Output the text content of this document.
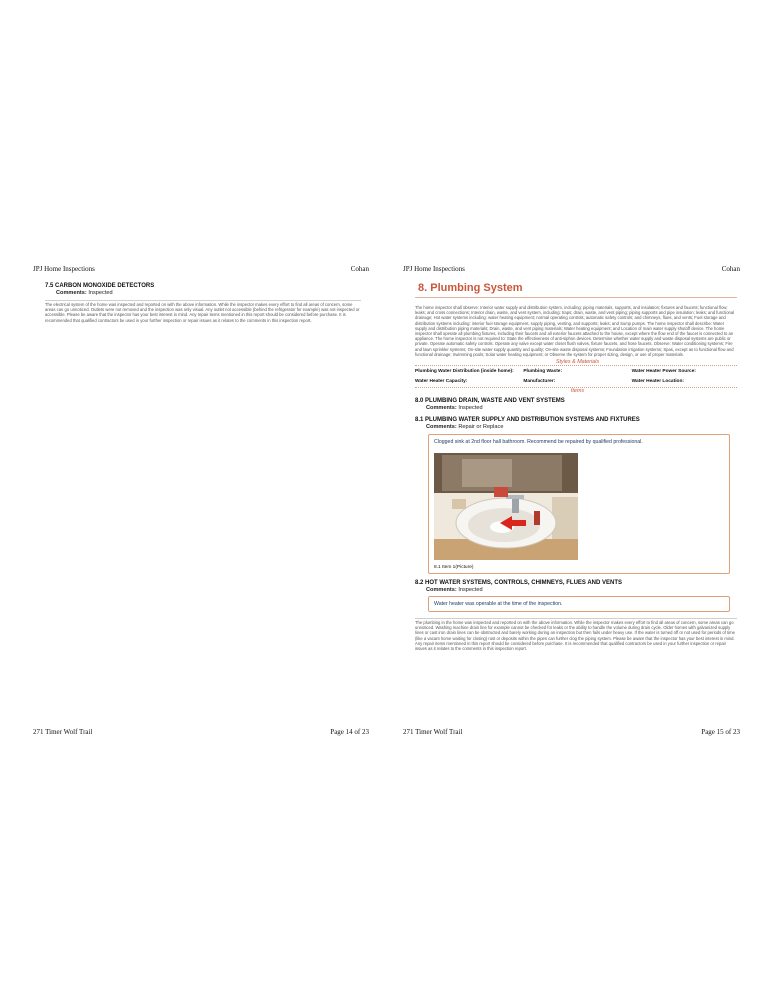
JPJ Home Inspections	Cohan
7.5 CARBON MONOXIDE DETECTORS
Comments: Inspected
The electrical system of the home was inspected and reported on with the above information. While the inspector makes every effort to find all areas of concern, some areas can go unnoticed. Outlets were not removed and the inspection was only visual. Any outlet not accessible (behind the refrigerator for example) was not inspected or accessible. Please be aware that the inspector has your best interest in mind. Any repair items mentioned in this report should be considered before purchase. It is recommended that qualified contractors be used in your further inspection or repair issues as it relates to the comments in this inspection report.
271 Timer Wolf Trail	Page 14 of 23
JPJ Home Inspections	Cohan
8. Plumbing System
The home inspector shall observe: Interior water supply and distribution system, including: piping materials, supports, and insulation; fixtures and faucets; functional flow; leaks; and cross connections; Interior drain, waste, and vent system, including: traps; drain, waste, and vent piping; piping supports and pipe insulation; leaks; and functional drainage; Hot water systems including: water heating equipment; normal operating controls; automatic safety controls; and chimneys, flues, and vents; Fuel storage and distribution systems including: interior fuel storage equipment, supply piping, venting, and supports; leaks; and Sump pumps. The home inspector shall describe: Water supply and distribution piping materials; Drain, waste, and vent piping materials; Water heating equipment; and Location of main water supply shutoff device. The home inspector shall operate all plumbing fixtures, including their faucets and all exterior faucets attached to the house, except where the flow end of the faucet is connected to an appliance. The home inspector is not required to: State the effectiveness of anti-siphon devices. Determine whether water supply and waste disposal systems are public or private. Operate automatic safety controls. Operate any valve except water closet flush valves, fixture faucets, and hose faucets. Observe: Water conditioning systems; Fire and lawn sprinkler systems; On-site water supply quantity and quality; On-site waste disposal systems; Foundation irrigation systems; Spas, except as to functional flow and functional drainage; Swimming pools; Solar water heating equipment; or Observe the system for proper sizing, design, or use of proper materials.
Styles & Materials
Plumbing Water Distribution (inside home):	Plumbing Waste:	Water Heater Power Source:
Water Heater Capacity:	Manufacturer:	Water Heater Location:
Items
8.0 PLUMBING DRAIN, WASTE AND VENT SYSTEMS
Comments: Inspected
8.1 PLUMBING WATER SUPPLY AND DISTRIBUTION SYSTEMS AND FIXTURES
Comments: Repair or Replace
Clogged sink at 2nd floor hall bathroom. Recommend be repaired by qualified professional.
8.1 Item 1(Picture)
8.2 HOT WATER SYSTEMS, CONTROLS, CHIMNEYS, FLUES AND VENTS
Comments: Inspected
Water heater was operable at the time of the inspection.
The plumbing in the home was inspected and reported on with the above information. While the inspector makes every effort to find all areas of concern, some areas can go unnoticed. Washing machine drain line for example cannot be checked for leaks or the ability to handle the volume during drain cycle. Older homes with galvanized supply lines or cast iron drain lines can be obstructed and barely working during an inspection but then fails under heavy use. If the water is turned off or not used for periods of time (like a vacant home waiting for closing) rust or deposits within the pipes can further clog the piping system. Please be aware that the inspector has your best interest in mind. Any repair items mentioned in this report should be considered before purchase. It is recommended that qualified contractors be used in your further inspection or repair issues as it relates to the comments in this inspection report.
271 Timer Wolf Trail	Page 15 of 23
